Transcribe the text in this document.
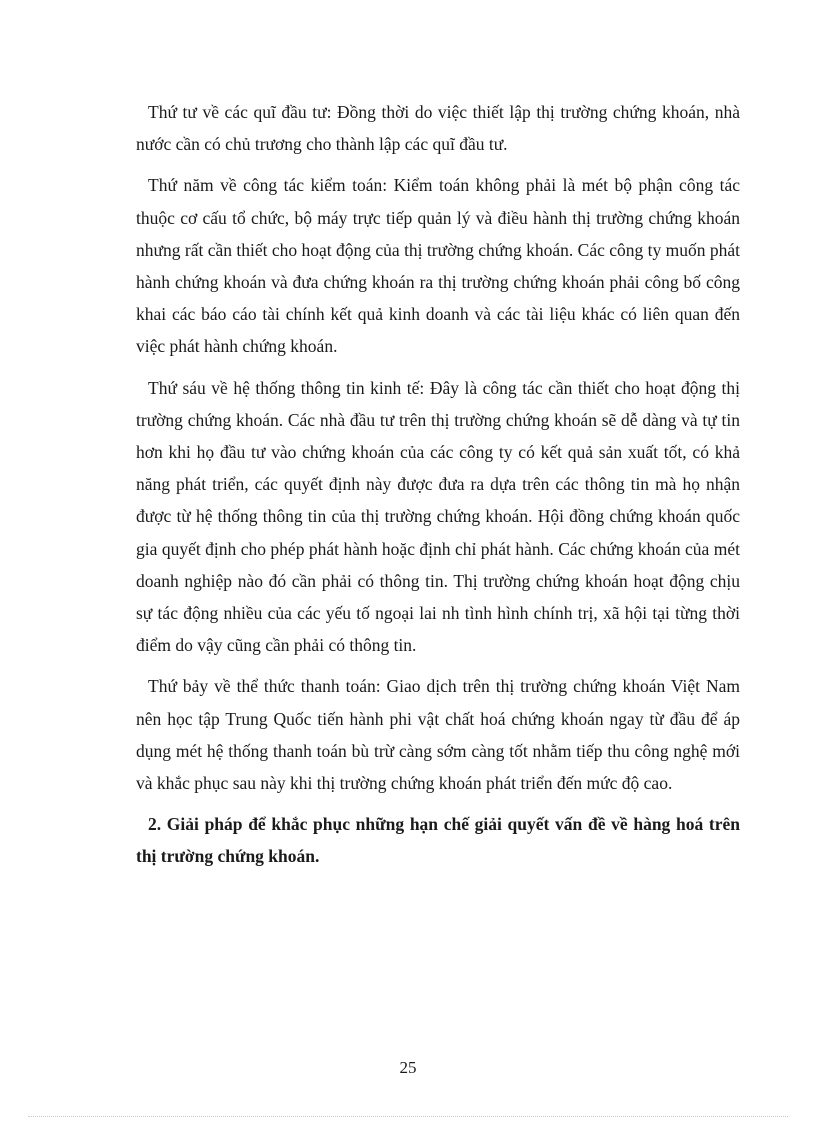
Thứ tư về các quĩ đầu tư: Đồng thời do việc thiết lập thị trường chứng khoán, nhà nước cần có chủ trương cho thành lập các quĩ đầu tư.

Thứ năm về công tác kiểm toán: Kiểm toán không phải là mét bộ phận công tác thuộc cơ cấu tổ chức, bộ máy trực tiếp quản lý và điều hành thị trường chứng khoán nhưng rất cần thiết cho hoạt động của thị trường chứng khoán. Các công ty muốn phát hành chứng khoán và đưa chứng khoán ra thị trường chứng khoán phải công bố công khai các báo cáo tài chính kết quả kinh doanh và các tài liệu khác có liên quan đến việc phát hành chứng khoán.

Thứ sáu về hệ thống thông tin kinh tế: Đây là công tác cần thiết cho hoạt động thị trường chứng khoán. Các nhà đầu tư trên thị trường chứng khoán sẽ dễ dàng và tự tin hơn khi họ đầu tư vào chứng khoán của các công ty có kết quả sản xuất tốt, có khả năng phát triển, các quyết định này được đưa ra dựa trên các thông tin mà họ nhận được từ hệ thống thông tin của thị trường chứng khoán. Hội đồng chứng khoán quốc gia quyết định cho phép phát hành hoặc định chỉ phát hành. Các chứng khoán của mét doanh nghiệp nào đó cần phải có thông tin. Thị trường chứng khoán hoạt động chịu sự tác động nhiều của các yếu tố ngoại lai nh tình hình chính trị, xã hội tại từng thời điểm do vậy cũng cần phải có thông tin.

Thứ bảy về thể thức thanh toán: Giao dịch trên thị trường chứng khoán Việt Nam nên học tập Trung Quốc tiến hành phi vật chất hoá chứng khoán ngay từ đầu để áp dụng mét hệ thống thanh toán bù trừ càng sớm càng tốt nhằm tiếp thu công nghệ mới và khắc phục sau này khi thị trường chứng khoán phát triển đến mức độ cao.

2. Giải pháp để khắc phục những hạn chế giải quyết vấn đề về hàng hoá trên thị trường chứng khoán.

25
